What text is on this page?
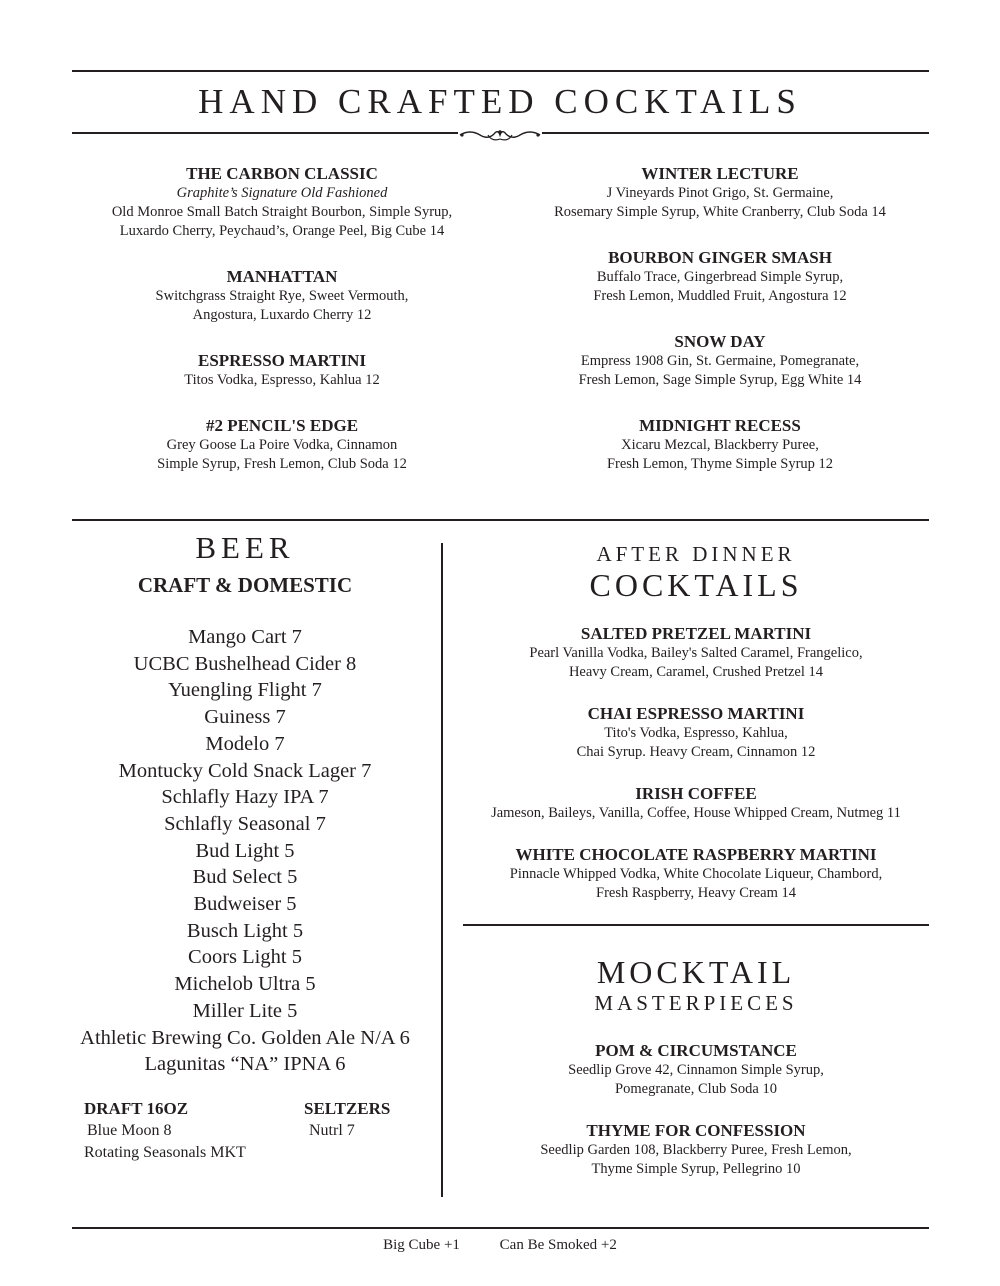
HAND CRAFTED COCKTAILS
THE CARBON CLASSIC
Graphite’s Signature Old Fashioned
Old Monroe Small Batch Straight Bourbon, Simple Syrup,
Luxardo Cherry, Peychaud’s, Orange Peel, Big Cube 14
MANHATTAN
Switchgrass Straight Rye, Sweet Vermouth,
Angostura, Luxardo Cherry 12
ESPRESSO MARTINI
Titos Vodka, Espresso, Kahlua 12
#2 PENCIL'S EDGE
Grey Goose La Poire Vodka, Cinnamon
Simple Syrup, Fresh Lemon, Club Soda 12
WINTER LECTURE
J Vineyards Pinot Grigo, St. Germaine,
Rosemary Simple Syrup, White Cranberry, Club Soda 14
BOURBON GINGER SMASH
Buffalo Trace, Gingerbread Simple Syrup,
Fresh Lemon, Muddled Fruit, Angostura 12
SNOW DAY
Empress 1908 Gin, St. Germaine, Pomegranate,
Fresh Lemon, Sage Simple Syrup, Egg White 14
MIDNIGHT RECESS
Xicaru Mezcal, Blackberry Puree,
Fresh Lemon, Thyme Simple Syrup 12
BEER
CRAFT & DOMESTIC
Mango Cart 7
UCBC Bushelhead Cider 8
Yuengling Flight 7
Guiness 7
Modelo 7
Montucky Cold Snack Lager 7
Schlafly Hazy IPA 7
Schlafly Seasonal 7
Bud Light 5
Bud Select 5
Budweiser 5
Busch Light 5
Coors Light 5
Michelob Ultra 5
Miller Lite 5
Athletic Brewing Co. Golden Ale N/A 6
Lagunitas “NA” IPNA 6
DRAFT 16OZ
Blue Moon 8
Rotating Seasonals MKT
SELTZERS
Nutrl 7
AFTER DINNER
COCKTAILS
SALTED PRETZEL MARTINI
Pearl Vanilla Vodka, Bailey's Salted Caramel, Frangelico,
Heavy Cream, Caramel, Crushed Pretzel 14
CHAI ESPRESSO MARTINI
Tito's Vodka, Espresso, Kahlua,
Chai Syrup. Heavy Cream, Cinnamon 12
IRISH COFFEE
Jameson, Baileys, Vanilla, Coffee, House Whipped Cream, Nutmeg 11
WHITE CHOCOLATE RASPBERRY MARTINI
Pinnacle Whipped Vodka, White Chocolate Liqueur, Chambord,
Fresh Raspberry, Heavy Cream 14
MOCKTAIL
MASTERPIECES
POM & CIRCUMSTANCE
Seedlip Grove 42, Cinnamon Simple Syrup,
Pomegranate, Club Soda 10
THYME FOR CONFESSION
Seedlip Garden 108, Blackberry Puree, Fresh Lemon,
Thyme Simple Syrup, Pellegrino 10
Big Cube +1	Can Be Smoked +2
